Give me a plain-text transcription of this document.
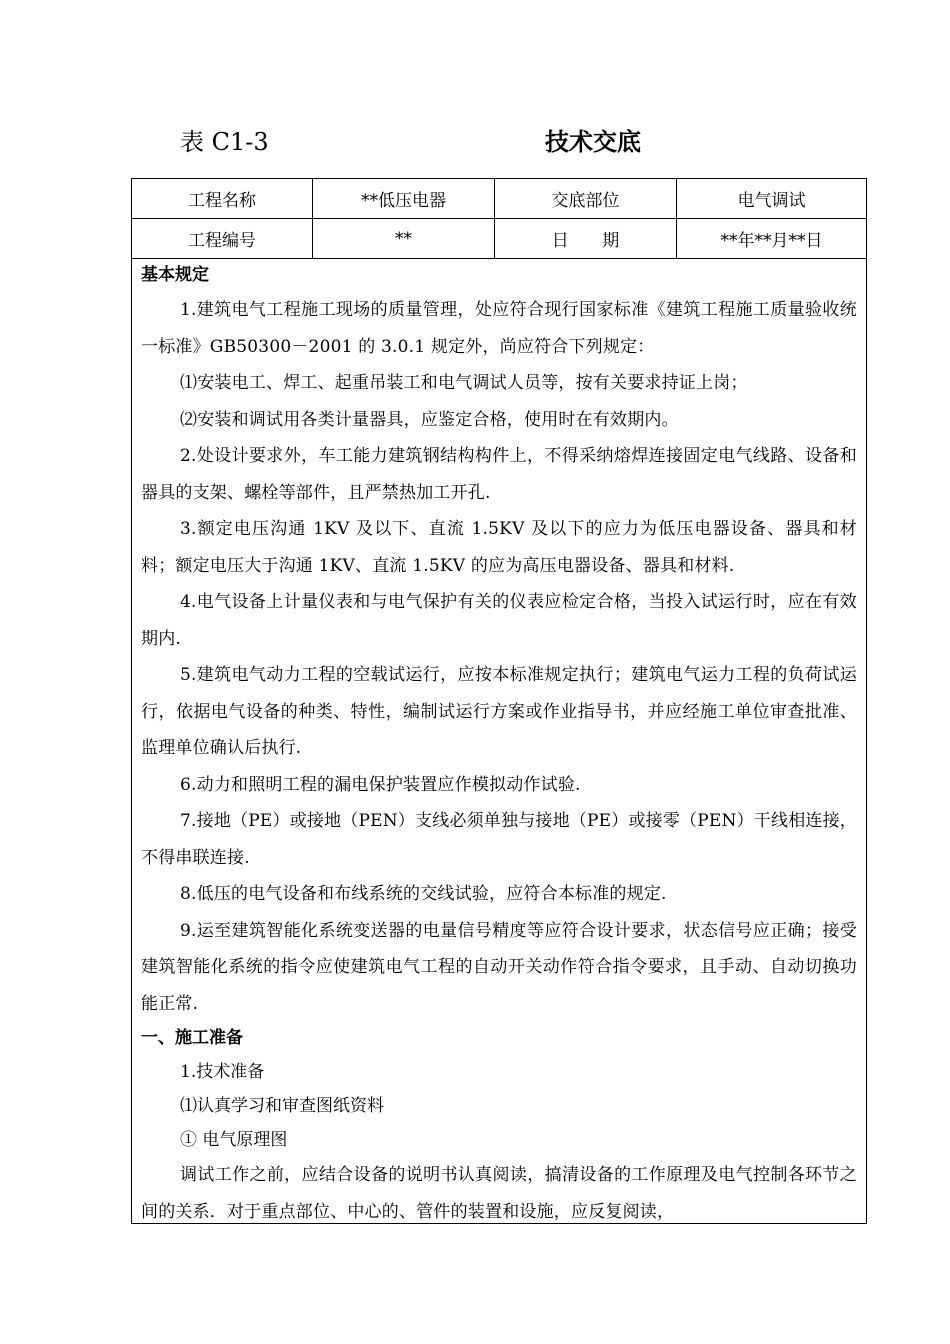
表 C1-3	技术交底
工程名称	**低压电器	交底部位	电气调试
工程编号	**	日 期	**年**月**日
基本规定
1.建筑电气工程施工现场的质量管理，处应符合现行国家标准《建筑工程施工质量验收统一标准》GB50300－2001 的 3.0.1 规定外，尚应符合下列规定：
⑴安装电工、焊工、起重吊装工和电气调试人员等，按有关要求持证上岗；
⑵安装和调试用各类计量器具，应鉴定合格，使用时在有效期内。
2.处设计要求外，车工能力建筑钢结构构件上，不得采纳熔焊连接固定电气线路、设备和器具的支架、螺栓等部件，且严禁热加工开孔.
3.额定电压沟通 1KV 及以下、直流 1.5KV 及以下的应力为低压电器设备、器具和材料；额定电压大于沟通 1KV、直流 1.5KV 的应为高压电器设备、器具和材料.
4.电气设备上计量仪表和与电气保护有关的仪表应检定合格，当投入试运行时，应在有效期内.
5.建筑电气动力工程的空载试运行，应按本标准规定执行；建筑电气运力工程的负荷试运行，依据电气设备的种类、特性，编制试运行方案或作业指导书，并应经施工单位审查批准、监理单位确认后执行.
6.动力和照明工程的漏电保护装置应作模拟动作试验.
7.接地（PE）或接地（PEN）支线必须单独与接地（PE）或接零（PEN）干线相连接，不得串联连接.
8.低压的电气设备和布线系统的交线试验，应符合本标准的规定.
9.运至建筑智能化系统变送器的电量信号精度等应符合设计要求，状态信号应正确；接受建筑智能化系统的指令应使建筑电气工程的自动开关动作符合指令要求，且手动、自动切换功能正常.
一、施工准备
1.技术准备
⑴认真学习和审查图纸资料
① 电气原理图
调试工作之前，应结合设备的说明书认真阅读，搞清设备的工作原理及电气控制各环节之间的关系．对于重点部位、中心的、管件的装置和设施，应反复阅读，
